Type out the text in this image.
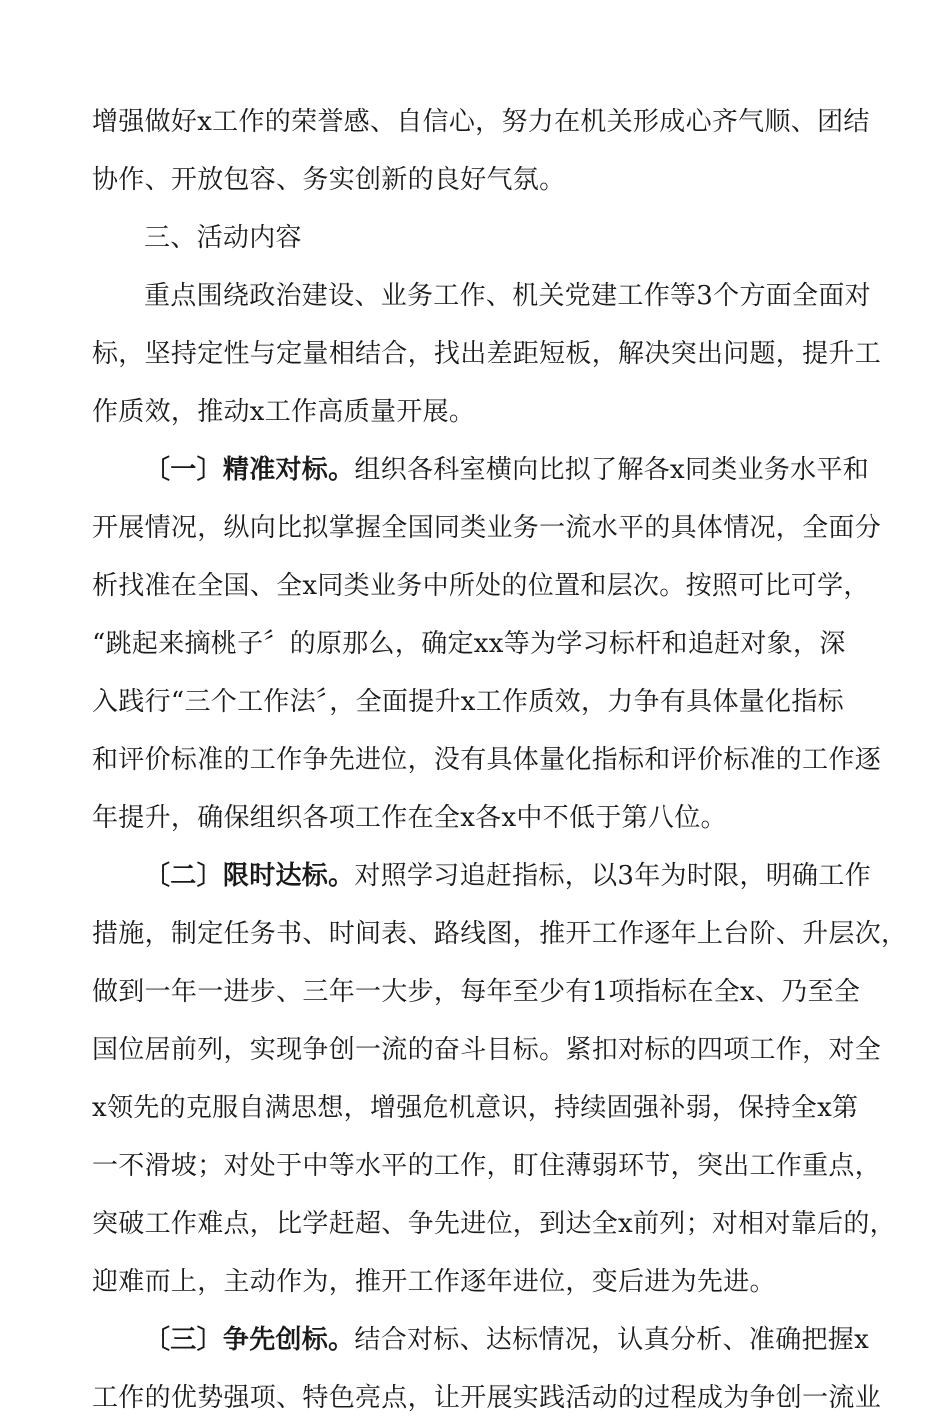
增强做好x工作的荣誉感、自信心，努力在机关形成心齐气顺、团结
协作、开放包容、务实创新的良好气氛。
三、活动内容
重点围绕政治建设、业务工作、机关党建工作等3个方面全面对
标，坚持定性与定量相结合，找出差距短板，解决突出问题，提升工
作质效，推动x工作高质量开展。
〔一〕精准对标。组织各科室横向比拟了解各x同类业务水平和
开展情况，纵向比拟掌握全国同类业务一流水平的具体情况，全面分
析找准在全国、全x同类业务中所处的位置和层次。按照可比可学，
“跳起来摘桃子〞的原那么，确定xx等为学习标杆和追赶对象，深
入践行“三个工作法〞，全面提升x工作质效，力争有具体量化指标
和评价标准的工作争先进位，没有具体量化指标和评价标准的工作逐
年提升，确保组织各项工作在全x各x中不低于第八位。
〔二〕限时达标。对照学习追赶指标，以3年为时限，明确工作
措施，制定任务书、时间表、路线图，推开工作逐年上台阶、升层次，
做到一年一进步、三年一大步，每年至少有1项指标在全x、乃至全
国位居前列，实现争创一流的奋斗目标。紧扣对标的四项工作，对全
x领先的克服自满思想，增强危机意识，持续固强补弱，保持全x第
一不滑坡；对处于中等水平的工作，盯住薄弱环节，突出工作重点，
突破工作难点，比学赶超、争先进位，到达全x前列；对相对靠后的，
迎难而上，主动作为，推开工作逐年进位，变后进为先进。
〔三〕争先创标。结合对标、达标情况，认真分析、准确把握x
工作的优势强项、特色亮点，让开展实践活动的过程成为争创一流业
